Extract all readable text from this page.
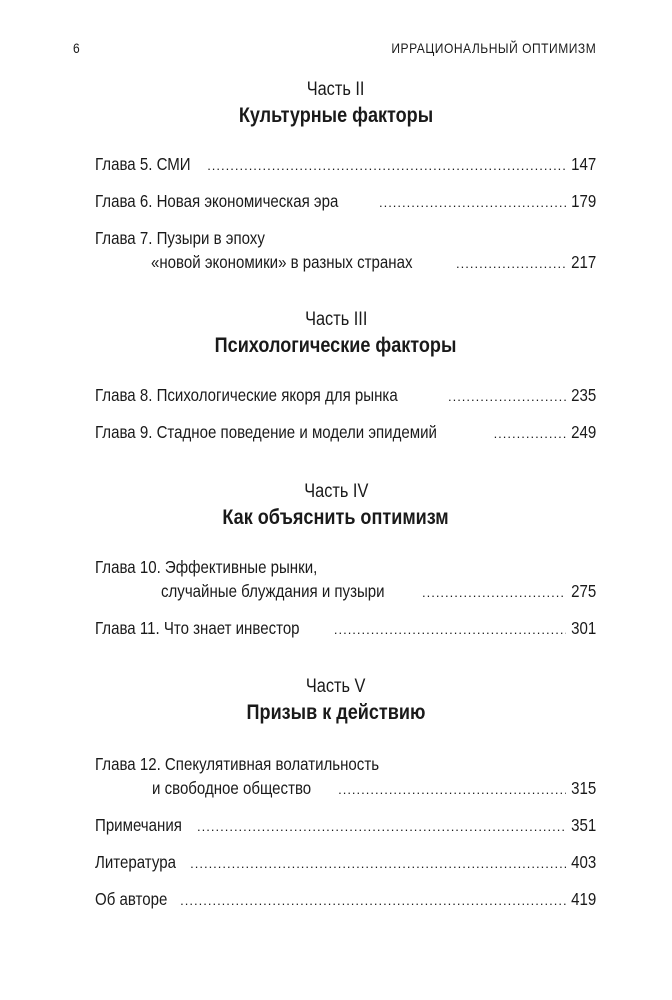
6	ИРРАЦИОНАЛЬНЫЙ ОПТИМИЗМ
Часть II
Культурные факторы
Глава 5. СМИ .....	147
Глава 6. Новая экономическая эра .....	179
Глава 7. Пузыри в эпоху
«новой экономики» в разных странах .....	217
Часть III
Психологические факторы
Глава 8. Психологические якоря для рынка .....	235
Глава 9. Стадное поведение и модели эпидемий .....	249
Часть IV
Как объяснить оптимизм
Глава 10. Эффективные рынки,
случайные блуждания и пузыри .....	275
Глава 11. Что знает инвестор .....	301
Часть V
Призыв к действию
Глава 12. Спекулятивная волатильность
и свободное общество .....	315
Примечания .....	351
Литература .....	403
Об авторе .....	419
